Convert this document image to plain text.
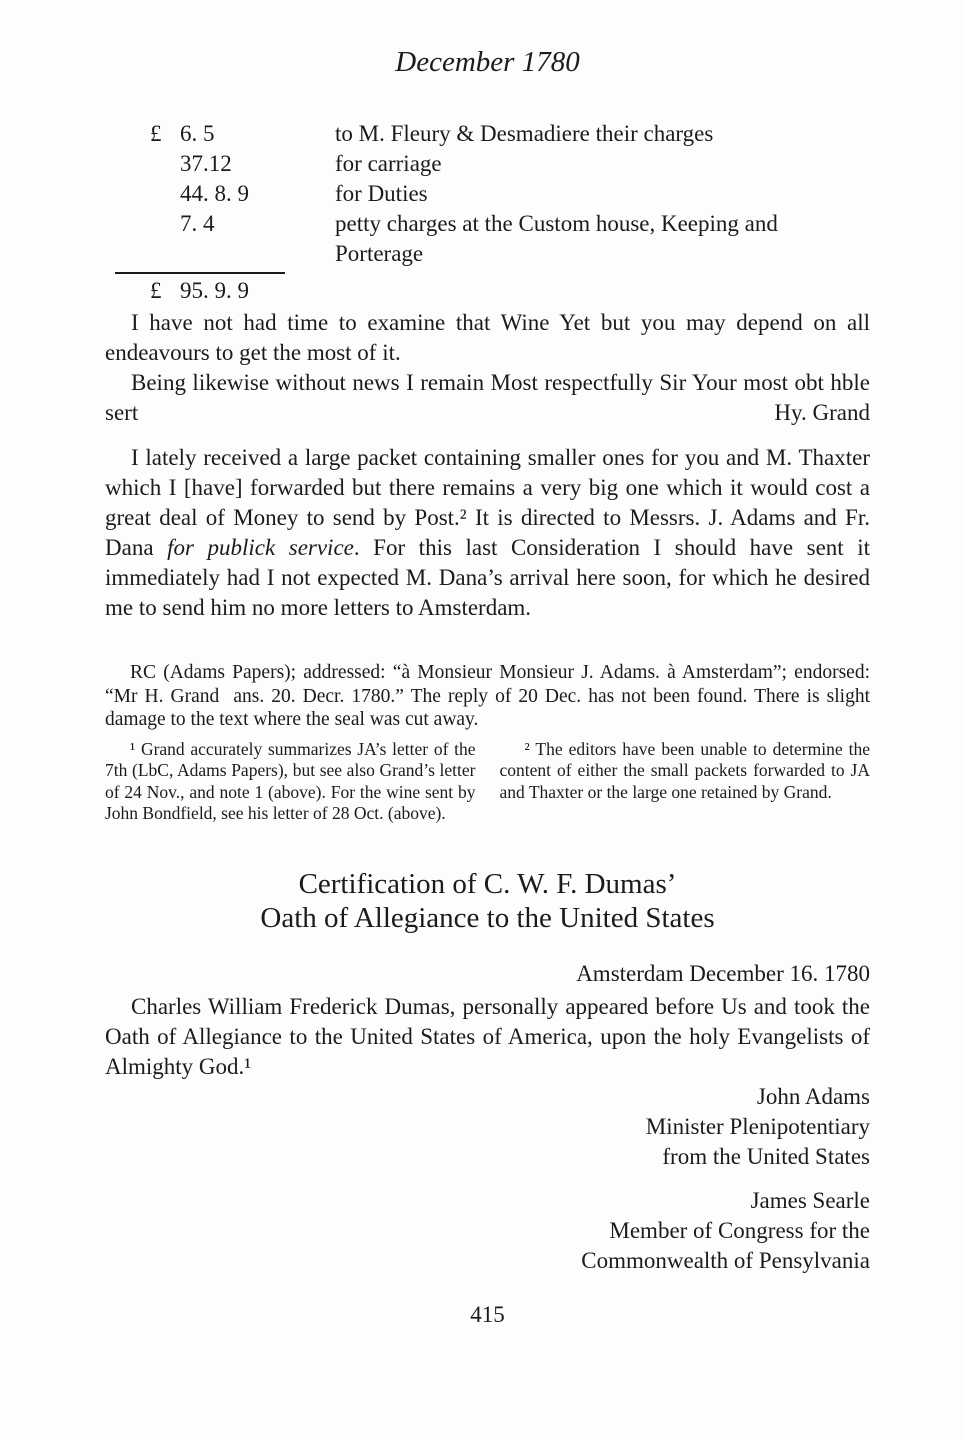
December 1780
£ 6. 5	to M. Fleury & Desmadiere their charges
37.12	for carriage
44. 8. 9	for Duties
7. 4	petty charges at the Custom house, Keeping and Porterage
£ 95. 9. 9

I have not had time to examine that Wine Yet but you may depend on all endeavours to get the most of it.

Being likewise without news I remain Most respectfully Sir Your most obt hble sert	Hy. Grand

I lately received a large packet containing smaller ones for you and M. Thaxter which I [have] forwarded but there remains a very big one which it would cost a great deal of Money to send by Post.² It is directed to Messrs. J. Adams and Fr. Dana for publick service. For this last Consideration I should have sent it immediately had I not expected M. Dana’s arrival here soon, for which he desired me to send him no more letters to Amsterdam.

RC (Adams Papers); addressed: “à Monsieur Monsieur J. Adams. à Amsterdam”; endorsed: “Mr H. Grand  ans. 20. Decr. 1780.” The reply of 20 Dec. has not been found. There is slight damage to the text where the seal was cut away.

¹ Grand accurately summarizes JA’s letter of the 7th (LbC, Adams Papers), but see also Grand’s letter of 24 Nov., and note 1 (above). For the wine sent by John Bondfield, see his letter of 28 Oct. (above).
² The editors have been unable to determine the content of either the small packets forwarded to JA and Thaxter or the large one retained by Grand.
Certification of C. W. F. Dumas’
Oath of Allegiance to the United States

Amsterdam December 16. 1780

Charles William Frederick Dumas, personally appeared before Us and took the Oath of Allegiance to the United States of America, upon the holy Evangelists of Almighty God.¹

John Adams
Minister Plenipotentiary
from the United States
James Searle
Member of Congress for the
Commonwealth of Pensylvania
415
